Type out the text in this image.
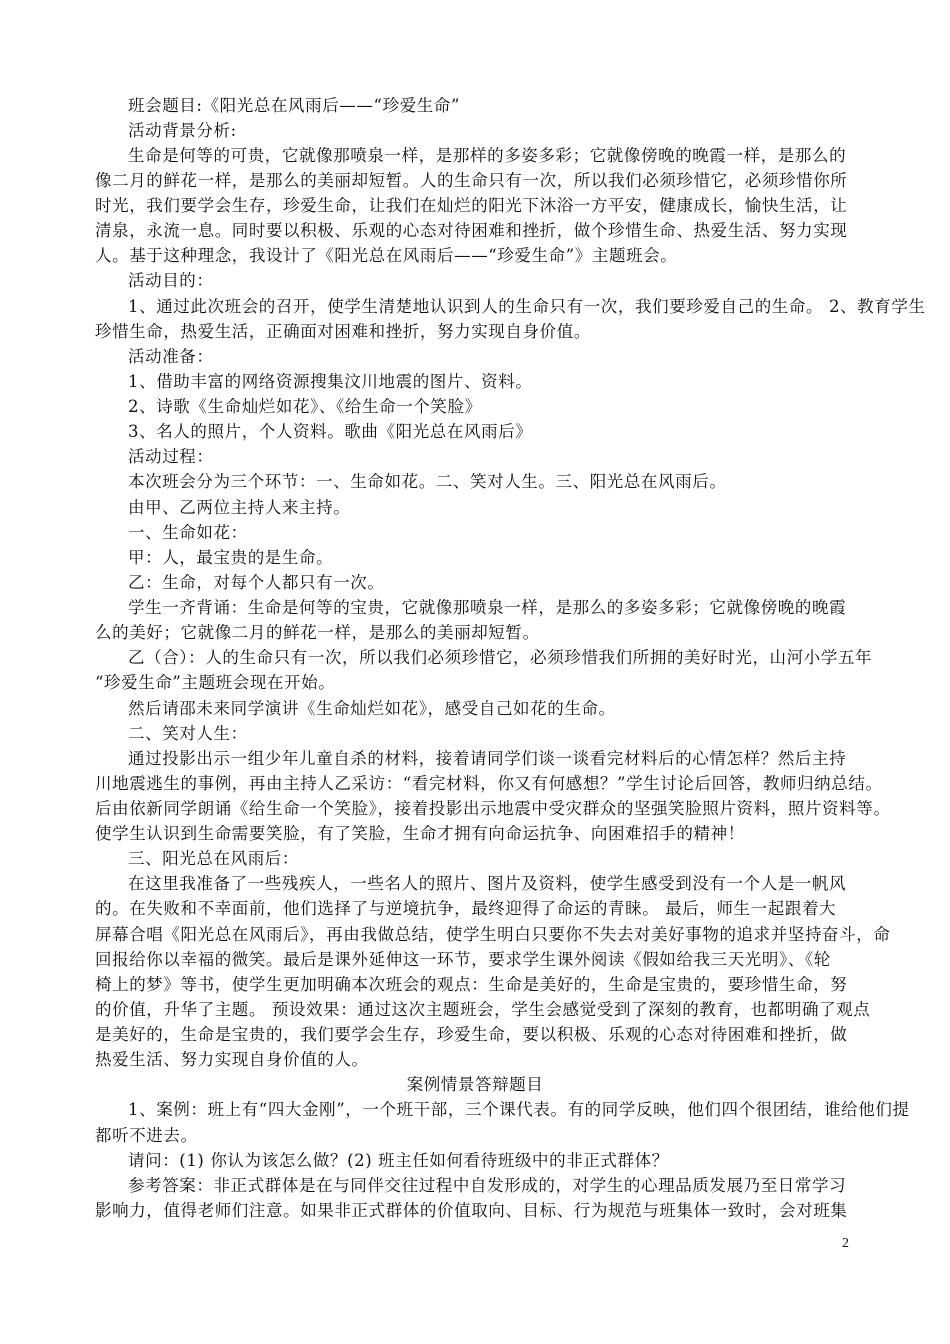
班会题目:《阳光总在风雨后——“珍爱生命”
活动背景分析:
生命是何等的可贵，它就像那喷泉一样，是那样的多姿多彩；它就像傍晚的晚霞一样，是那么的
像二月的鲜花一样，是那么的美丽却短暂。人的生命只有一次，所以我们必须珍惜它，必须珍惜你所
时光，我们要学会生存，珍爱生命，让我们在灿烂的阳光下沐浴一方平安，健康成长，愉快生活，让
清泉，永流一息。同时要以积极、乐观的心态对待困难和挫折，做个珍惜生命、热爱生活、努力实现
人。基于这种理念，我设计了《阳光总在风雨后——“珍爱生命”》主题班会。
活动目的：
1、通过此次班会的召开，使学生清楚地认识到人的生命只有一次，我们要珍爱自己的生命。 2、教育学生
珍惜生命，热爱生活，正确面对困难和挫折，努力实现自身价值。
活动准备：
1、借助丰富的网络资源搜集汶川地震的图片、资料。
2、诗歌《生命灿烂如花》、《给生命一个笑脸》
3、名人的照片，个人资料。歌曲《阳光总在风雨后》
活动过程：
本次班会分为三个环节：一、生命如花。二、笑对人生。三、阳光总在风雨后。
由甲、乙两位主持人来主持。
一、生命如花：
甲：人，最宝贵的是生命。
乙：生命，对每个人都只有一次。
学生一齐背诵：生命是何等的宝贵，它就像那喷泉一样，是那么的多姿多彩；它就像傍晚的晚霞
么的美好；它就像二月的鲜花一样，是那么的美丽却短暂。
乙（合）：人的生命只有一次，所以我们必须珍惜它，必须珍惜我们所拥的美好时光，山河小学五年
“珍爱生命”主题班会现在开始。
然后请邵未来同学演讲《生命灿烂如花》，感受自己如花的生命。
二、笑对人生：
通过投影出示一组少年儿童自杀的材料，接着请同学们谈一谈看完材料后的心情怎样？然后主持
川地震逃生的事例，再由主持人乙采访：“看完材料，你又有何感想？”学生讨论后回答，教师归纳总结。
后由依新同学朗诵《给生命一个笑脸》，接着投影出示地震中受灾群众的坚强笑脸照片资料，照片资料等。
使学生认识到生命需要笑脸，有了笑脸，生命才拥有向命运抗争、向困难招手的精神！
三、阳光总在风雨后：
在这里我准备了一些残疾人，一些名人的照片、图片及资料，使学生感受到没有一个人是一帆风
的。在失败和不幸面前，他们选择了与逆境抗争，最终迎得了命运的青睐。 最后，师生一起跟着大
屏幕合唱《阳光总在风雨后》，再由我做总结，使学生明白只要你不失去对美好事物的追求并坚持奋斗，命
回报给你以幸福的微笑。最后是课外延伸这一环节，要求学生课外阅读《假如给我三天光明》、《轮
椅上的梦》等书，使学生更加明确本次班会的观点：生命是美好的，生命是宝贵的，要珍惜生命，努
的价值，升华了主题。 预设效果：通过这次主题班会，学生会感觉受到了深刻的教育，也都明确了观点
是美好的，生命是宝贵的，我们要学会生存，珍爱生命，要以积极、乐观的心态对待困难和挫折，做
热爱生活、努力实现自身价值的人。
案例情景答辩题目
1、案例：班上有“四大金刚”，一个班干部，三个课代表。有的同学反映，他们四个很团结，谁给他们提
都听不进去。
请问：(1) 你认为该怎么做？(2) 班主任如何看待班级中的非正式群体？
参考答案：非正式群体是在与同伴交往过程中自发形成的，对学生的心理品质发展乃至日常学习
影响力，值得老师们注意。如果非正式群体的价值取向、目标、行为规范与班集体一致时，会对班集
2
